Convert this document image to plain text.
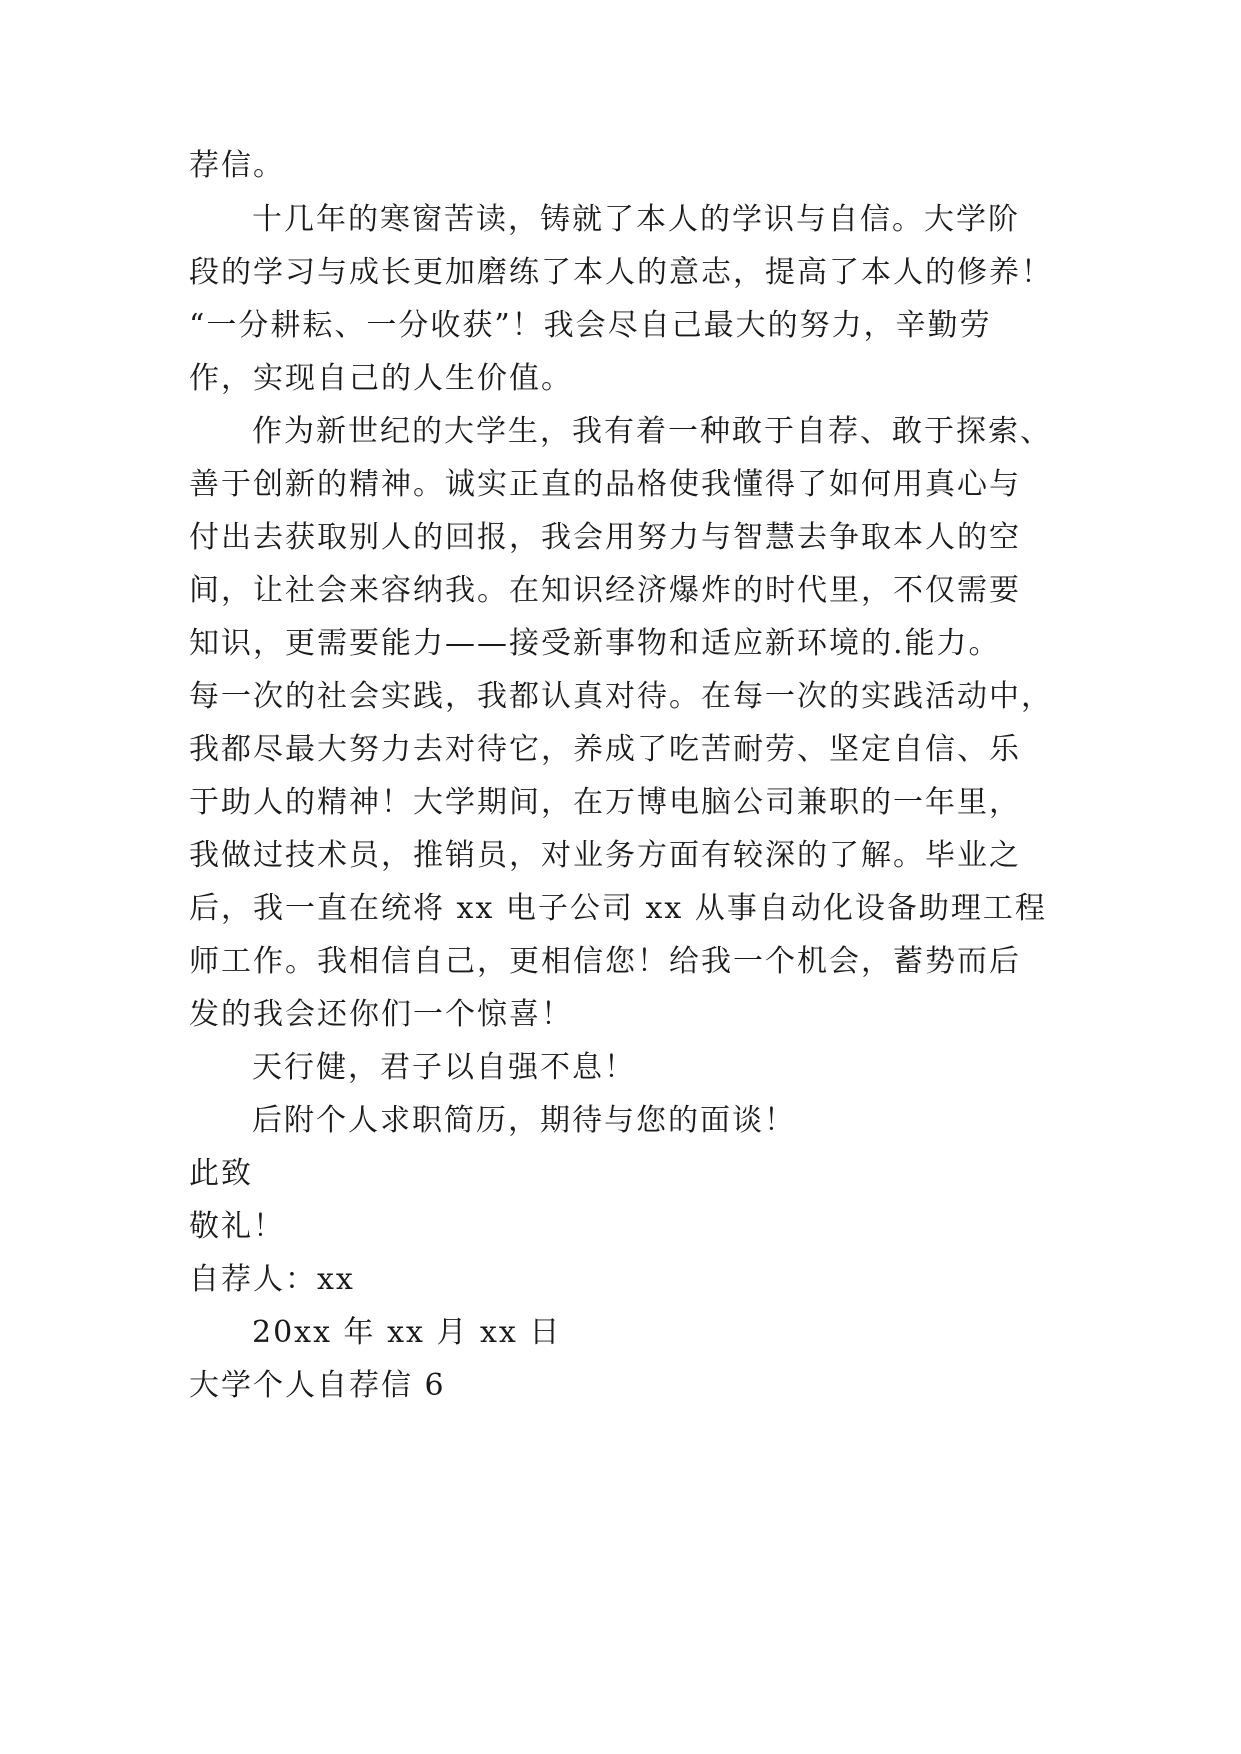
荐信。
十几年的寒窗苦读，铸就了本人的学识与自信。大学阶
段的学习与成长更加磨练了本人的意志，提高了本人的修养！
“一分耕耘、一分收获”！我会尽自己最大的努力，辛勤劳
作，实现自己的人生价值。
作为新世纪的大学生，我有着一种敢于自荐、敢于探索、
善于创新的精神。诚实正直的品格使我懂得了如何用真心与
付出去获取别人的回报，我会用努力与智慧去争取本人的空
间，让社会来容纳我。在知识经济爆炸的时代里，不仅需要
知识，更需要能力——接受新事物和适应新环境的.能力。
每一次的社会实践，我都认真对待。在每一次的实践活动中，
我都尽最大努力去对待它，养成了吃苦耐劳、坚定自信、乐
于助人的精神！大学期间，在万博电脑公司兼职的一年里，
我做过技术员，推销员，对业务方面有较深的了解。毕业之
后，我一直在统将 xx 电子公司 xx 从事自动化设备助理工程
师工作。我相信自己，更相信您！给我一个机会，蓄势而后
发的我会还你们一个惊喜！
天行健，君子以自强不息！
后附个人求职简历，期待与您的面谈！
此致
敬礼！
自荐人：xx
20xx 年 xx 月 xx 日
大学个人自荐信 6
